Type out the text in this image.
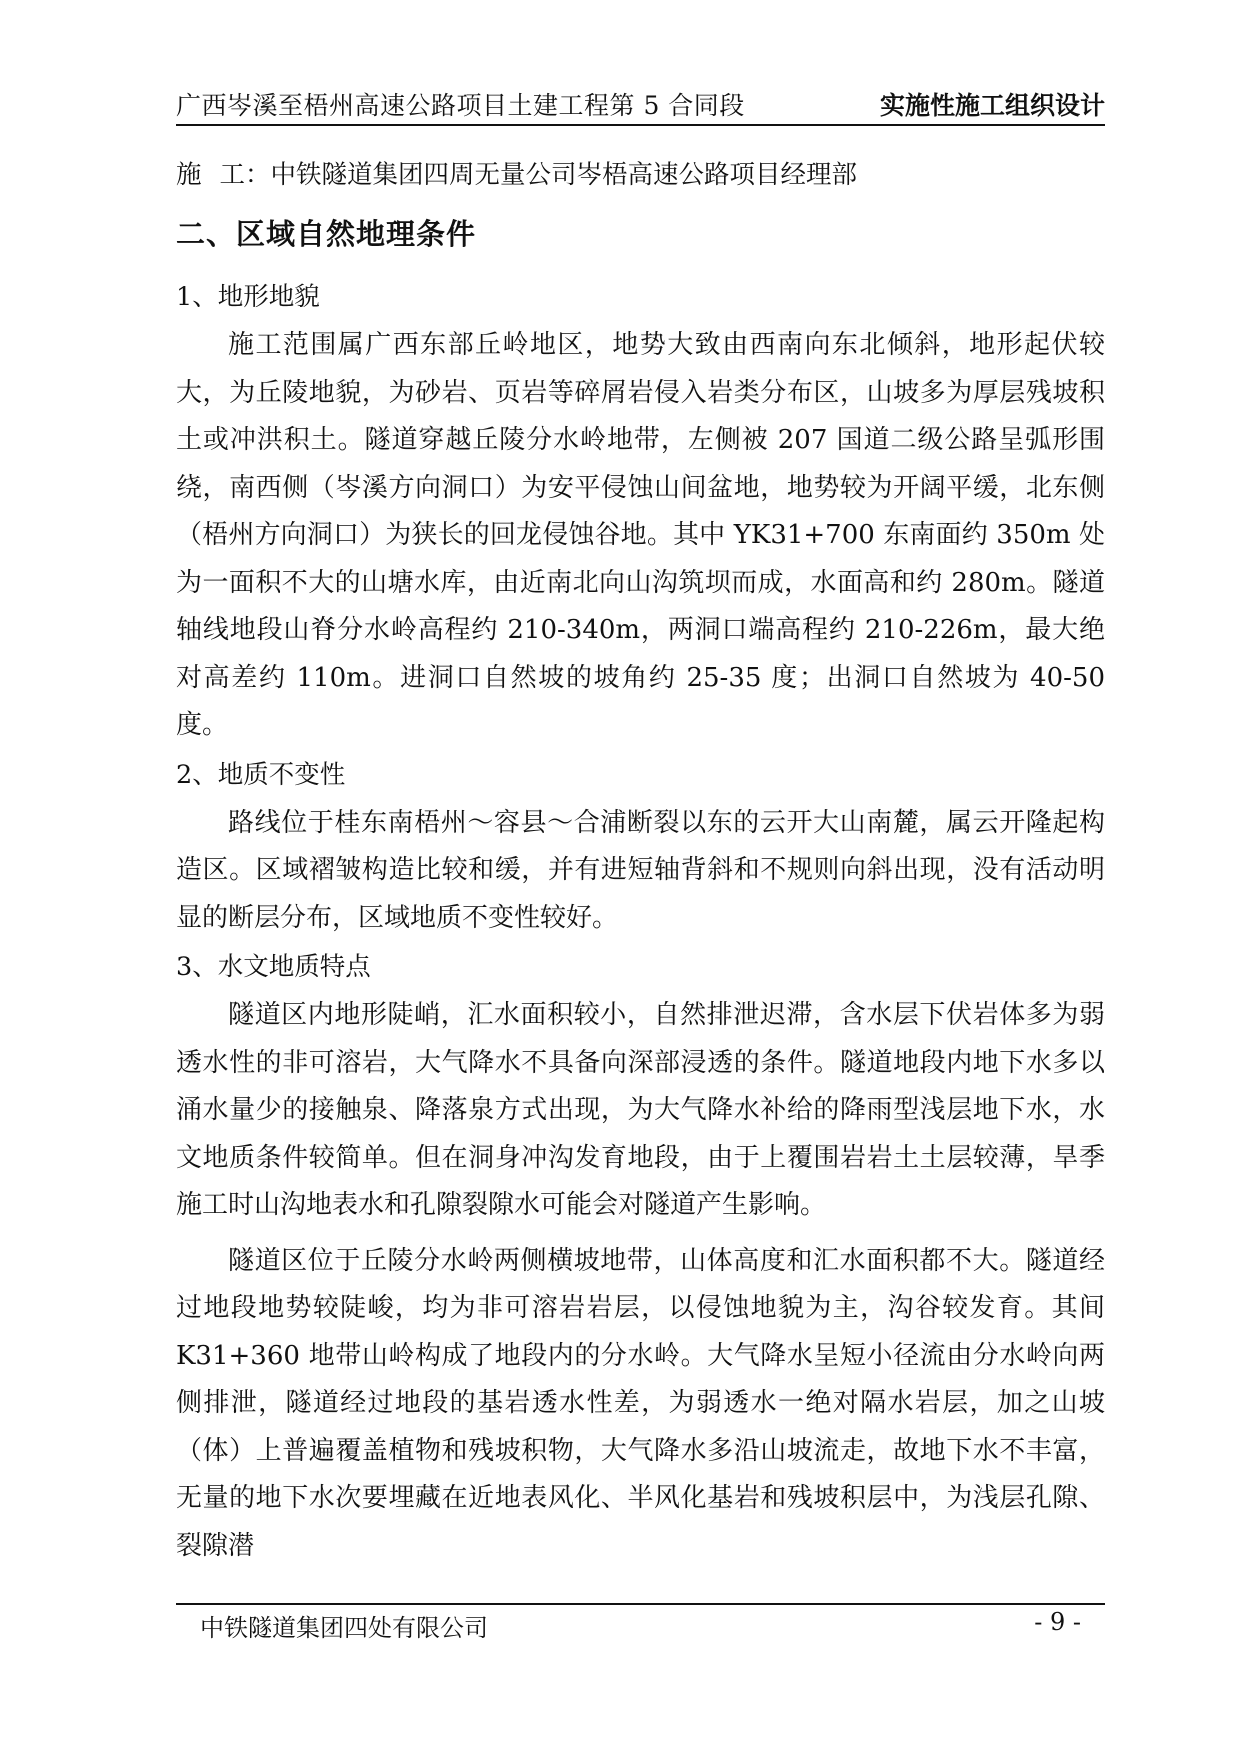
广西岑溪至梧州高速公路项目土建工程第 5 合同段	实施性施工组织设计
施工：中铁隧道集团四周无量公司岑梧高速公路项目经理部
二、区域自然地理条件
1、地形地貌

施工范围属广西东部丘岭地区，地势大致由西南向东北倾斜，地形起伏较大，为丘陵地貌，为砂岩、页岩等碎屑岩侵入岩类分布区，山坡多为厚层残坡积土或冲洪积土。隧道穿越丘陵分水岭地带，左侧被 207 国道二级公路呈弧形围绕，南西侧（岑溪方向洞口）为安平侵蚀山间盆地，地势较为开阔平缓，北东侧（梧州方向洞口）为狭长的回龙侵蚀谷地。其中 YK31+700 东南面约 350m 处为一面积不大的山塘水库，由近南北向山沟筑坝而成，水面高和约 280m。隧道轴线地段山脊分水岭高程约 210-340m，两洞口端高程约 210-226m，最大绝对高差约 110m。进洞口自然坡的坡角约 25-35 度；出洞口自然坡为 40-50 度。

2、地质不变性

路线位于桂东南梧州～容县～合浦断裂以东的云开大山南麓，属云开隆起构造区。区域褶皱构造比较和缓，并有进短轴背斜和不规则向斜出现，没有活动明显的断层分布，区域地质不变性较好。

3、水文地质特点

隧道区内地形陡峭，汇水面积较小，自然排泄迟滞，含水层下伏岩体多为弱透水性的非可溶岩，大气降水不具备向深部浸透的条件。隧道地段内地下水多以涌水量少的接触泉、降落泉方式出现，为大气降水补给的降雨型浅层地下水，水文地质条件较简单。但在洞身冲沟发育地段，由于上覆围岩岩土土层较薄，旱季施工时山沟地表水和孔隙裂隙水可能会对隧道产生影响。

隧道区位于丘陵分水岭两侧横坡地带，山体高度和汇水面积都不大。隧道经过地段地势较陡峻，均为非可溶岩岩层，以侵蚀地貌为主，沟谷较发育。其间 K31+360 地带山岭构成了地段内的分水岭。大气降水呈短小径流由分水岭向两侧排泄，隧道经过地段的基岩透水性差，为弱透水一绝对隔水岩层，加之山坡（体）上普遍覆盖植物和残坡积物，大气降水多沿山坡流走，故地下水不丰富，无量的地下水次要埋藏在近地表风化、半风化基岩和残坡积层中，为浅层孔隙、裂隙潜

中铁隧道集团四处有限公司	- 9 -
